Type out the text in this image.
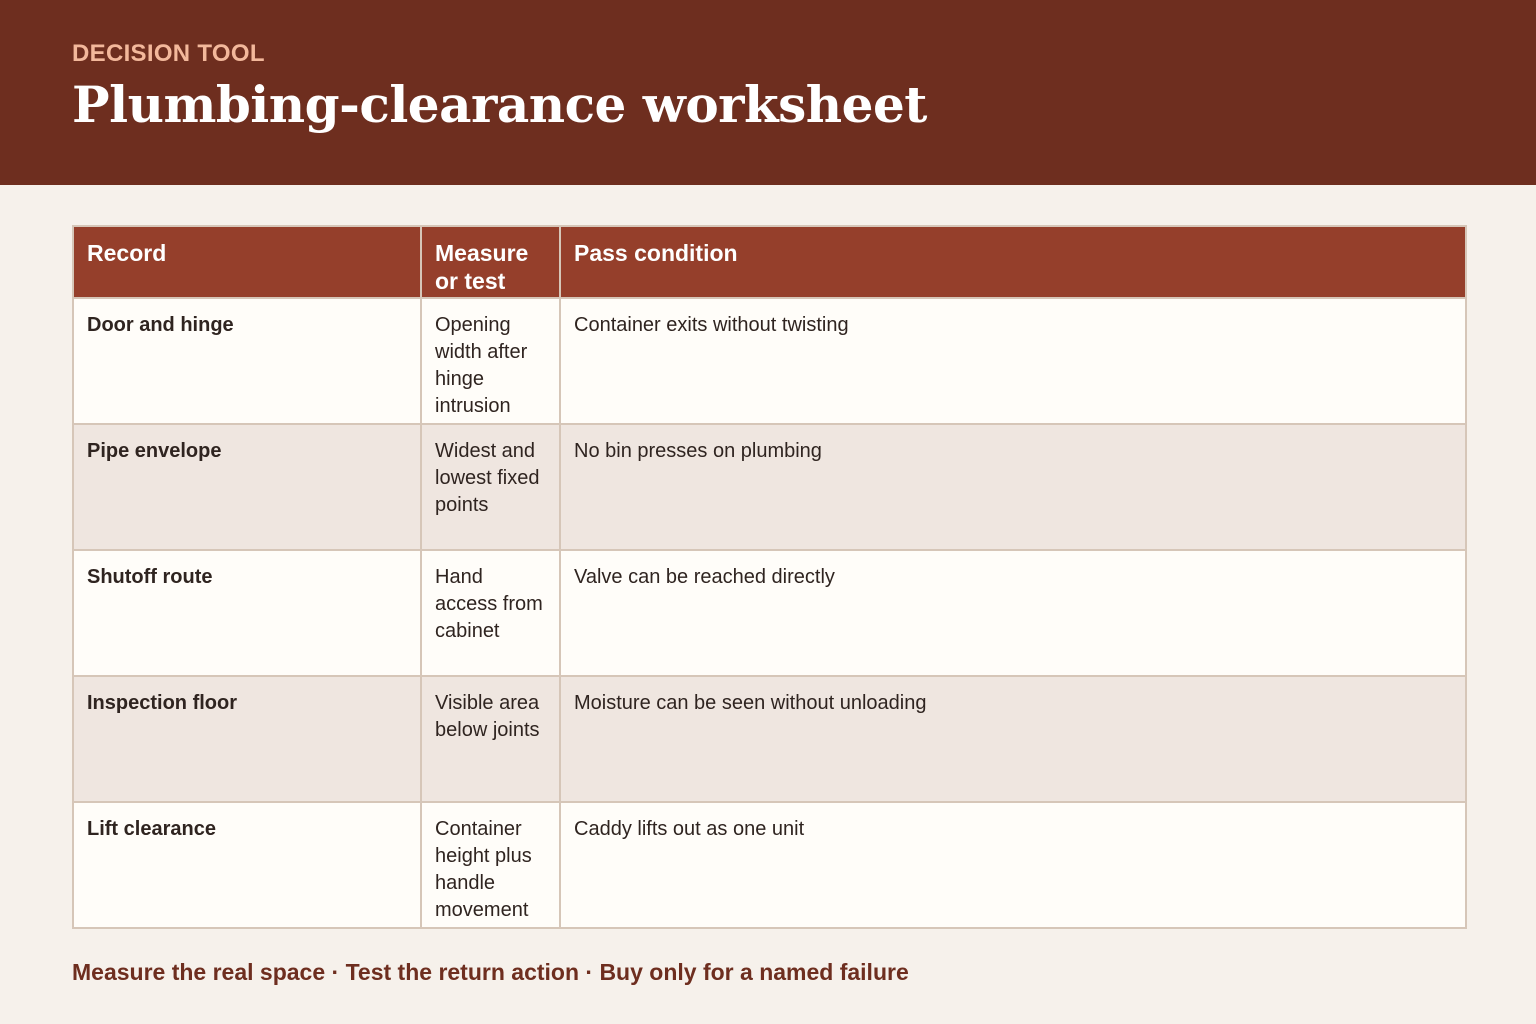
DECISION TOOL
Plumbing-clearance worksheet
Record	Measure or test	Pass condition
Door and hinge	Opening width after hinge intrusion	Container exits without twisting
Pipe envelope	Widest and lowest fixed points	No bin presses on plumbing
Shutoff route	Hand access from cabinet	Valve can be reached directly
Inspection floor	Visible area below joints	Moisture can be seen without unloading
Lift clearance	Container height plus handle movement	Caddy lifts out as one unit
Measure the real space · Test the return action · Buy only for a named failure
